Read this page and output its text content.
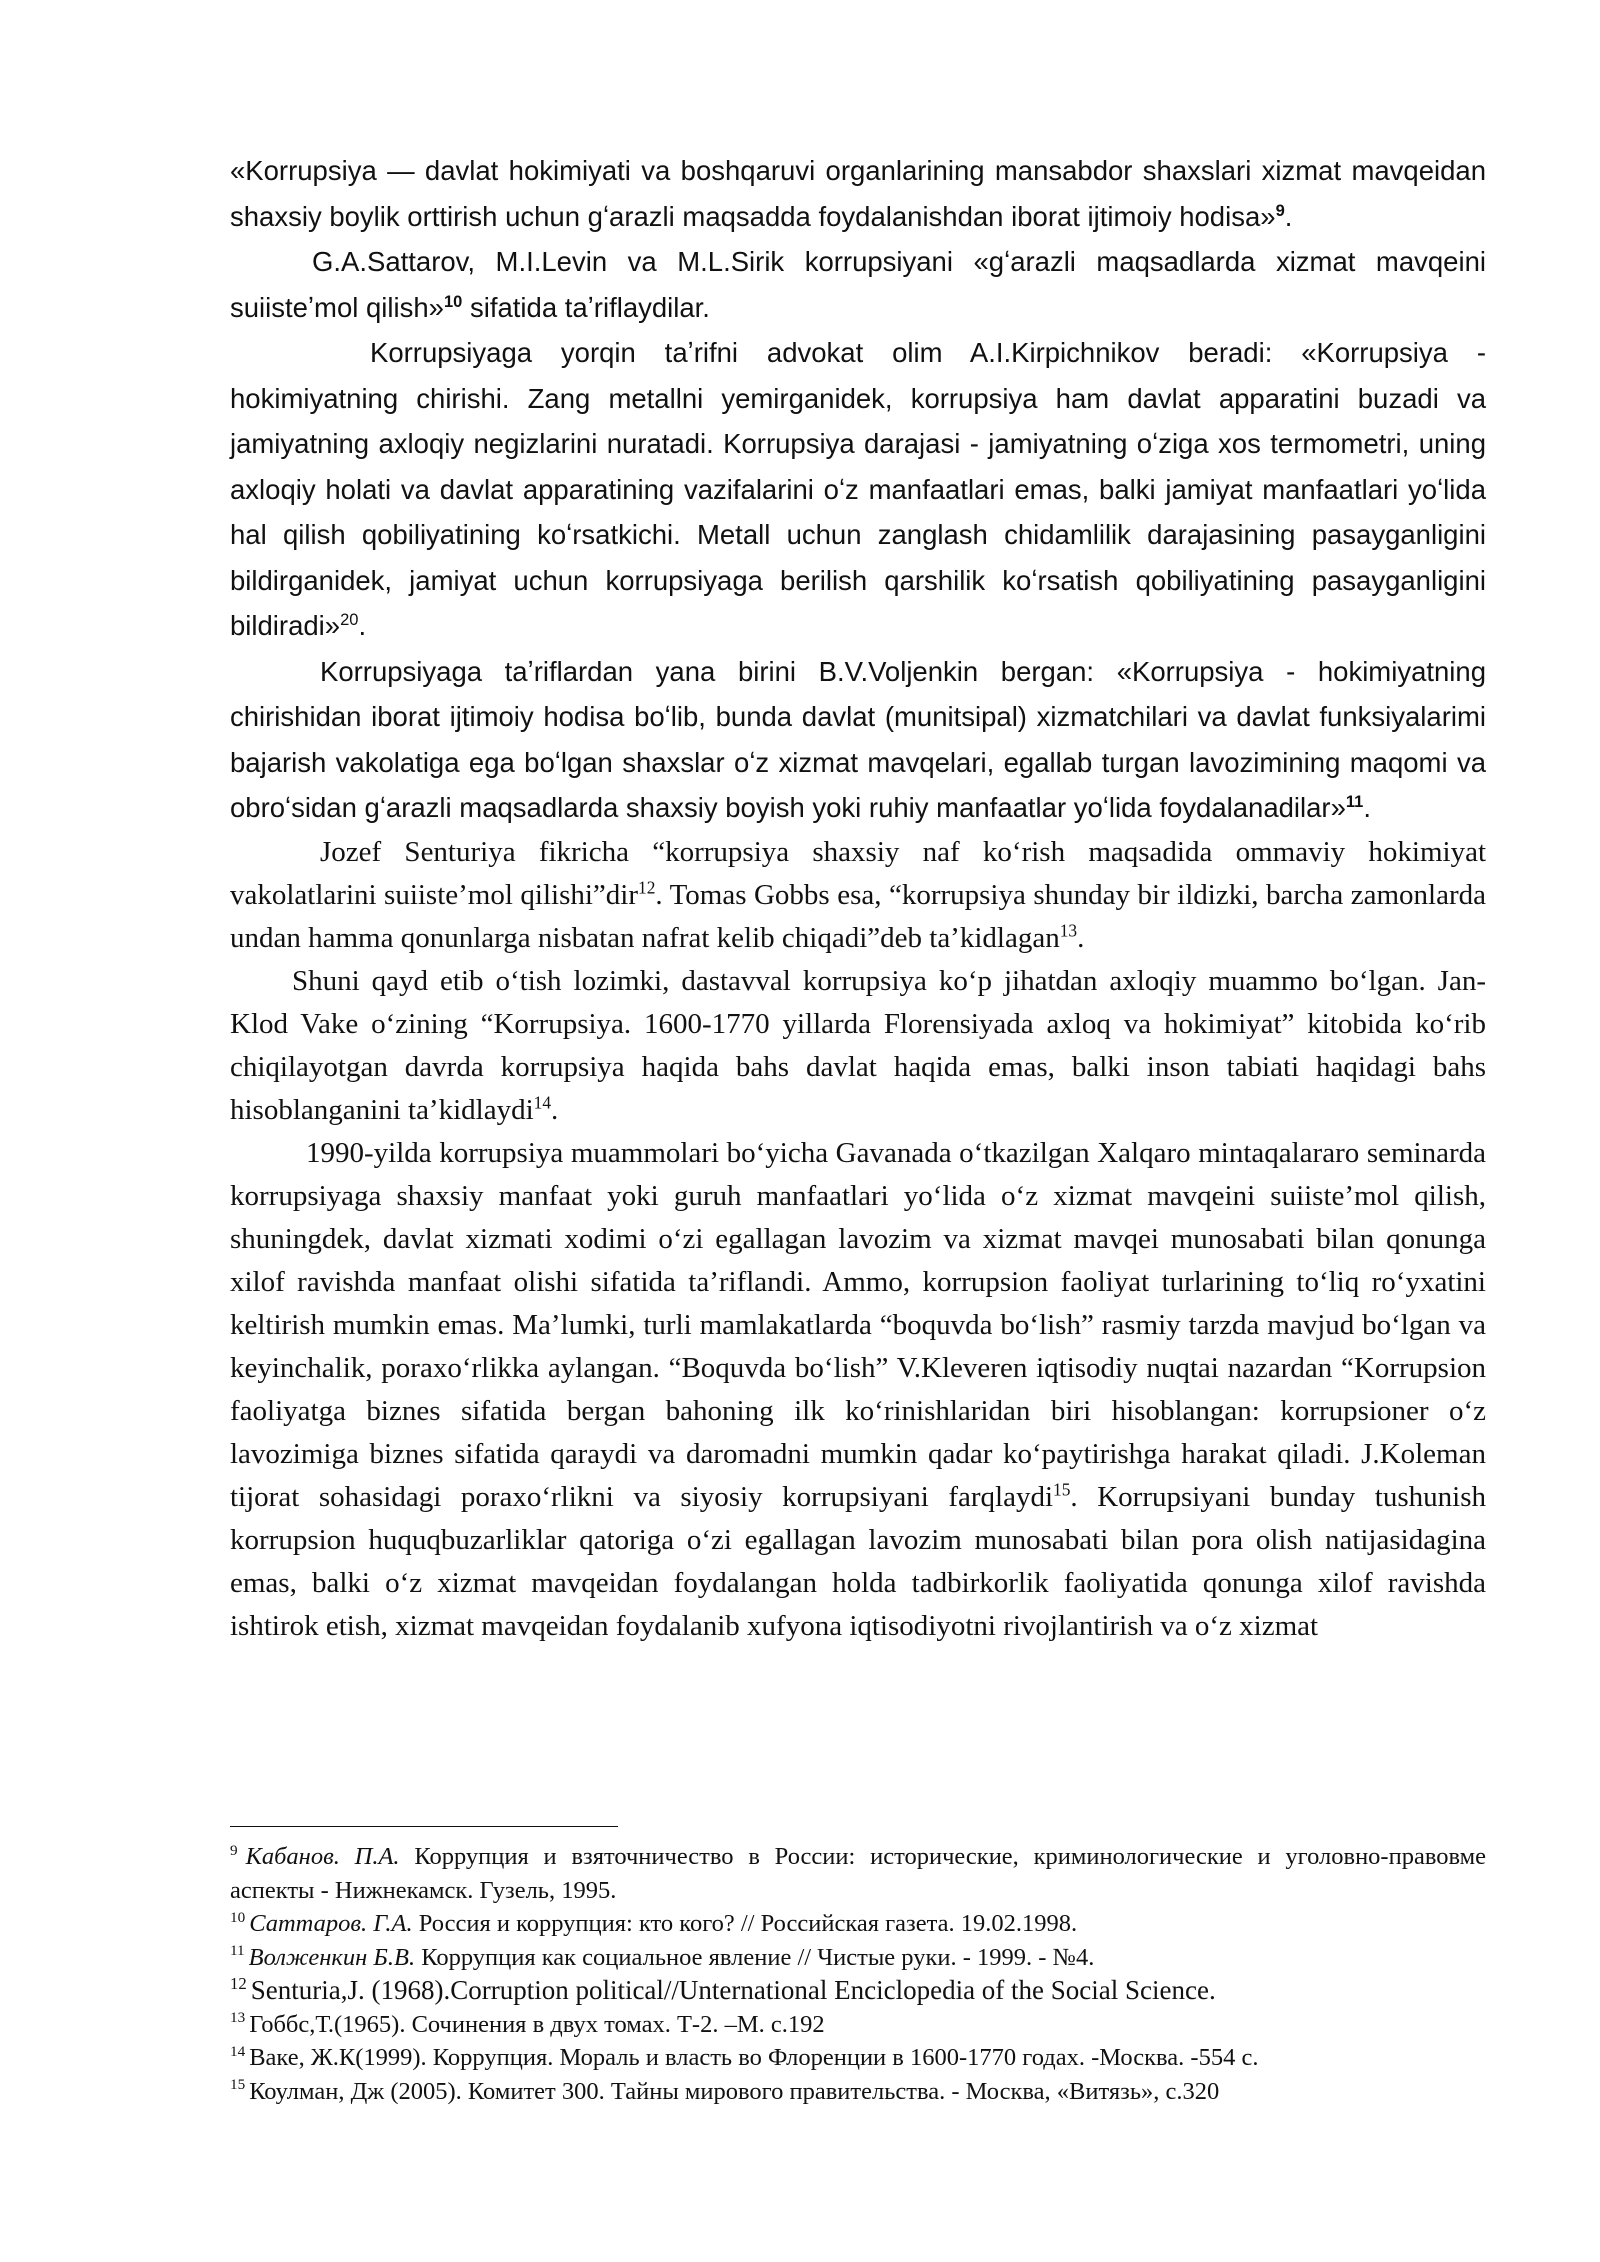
«Korrupsiya — davlat hokimiyati va boshqaruvi organlarining mansabdor shaxslari xizmat mavqeidan shaxsiy boylik orttirish uchun gʻarazli maqsadda foydalanishdan iborat ijtimoiy hodisa»$^9$.

G.A.Sattarov, M.I.Levin va M.L.Sirik korrupsiyani «gʻarazli maqsadlarda xizmat mavqeini suiisteʼmol qilish»$^{10}$ sifatida taʼriflaydilar.

Korrupsiyaga yorqin taʼrifni advokat olim A.I.Kirpichnikov beradi: «Korrupsiya - hokimiyatning chirishi. Zang metallni yemirganidek, korrupsiya ham davlat apparatini buzadi va jamiyatning axloqiy negizlarini nuratadi. Korrupsiya darajasi - jamiyatning oʻziga xos termometri, uning axloqiy holati va davlat apparatining vazifalarini oʻz manfaatlari emas, balki jamiyat manfaatlari yoʻlida hal qilish qobiliyatining koʻrsatkichi. Metall uchun zanglash chidamlilik darajasining pasayganligini bildirganidek, jamiyat uchun korrupsiyaga berilish qarshilik koʻrsatish qobiliyatining pasayganligini bildiradi»$^{20}$.

Korrupsiyaga taʼriflardan yana birini B.V.Voljenkin bergan: «Korrupsiya - hokimiyatning chirishidan iborat ijtimoiy hodisa boʻlib, bunda davlat (munitsipal) xizmatchilari va davlat funksiyalarimi bajarish vakolatiga ega boʻlgan shaxslar oʻz xizmat mavqelari, egallab turgan lavozimining maqomi va obroʻsidan gʻarazli maqsadlarda shaxsiy boyish yoki ruhiy manfaatlar yoʻlida foydalanadilar»$^{11}$.

Jozef Senturiya fikricha “korrupsiya shaxsiy naf koʻrish maqsadida ommaviy hokimiyat vakolatlarini suiisteʼmol qilishi”dir$^{12}$. Tomas Gobbs esa, “korrupsiya shunday bir ildizki, barcha zamonlarda undan hamma qonunlarga nisbatan nafrat kelib chiqadi”deb taʼkidlagan$^{13}$.

Shuni qayd etib oʻtish lozimki, dastavval korrupsiya koʻp jihatdan axloqiy muammo boʻlgan. Jan-Klod Vake oʻzining “Korrupsiya. 1600-1770 yillarda Florensiyada axloq va hokimiyat” kitobida koʻrib chiqilayotgan davrda korrupsiya haqida bahs davlat haqida emas, balki inson tabiati haqidagi bahs hisoblanganini taʼkidlaydi$^{14}$.

1990-yilda korrupsiya muammolari boʻyicha Gavanada oʻtkazilgan Xalqaro mintaqalararo seminarda korrupsiyaga shaxsiy manfaat yoki guruh manfaatlari yoʻlida oʻz xizmat mavqeini suiisteʼmol qilish, shuningdek, davlat xizmati xodimi oʻzi egallagan lavozim va xizmat mavqei munosabati bilan qonunga xilof ravishda manfaat olishi sifatida taʼriflandi. Ammo, korrupsion faoliyat turlarining toʻliq roʻyxatini keltirish mumkin emas. Maʼlumki, turli mamlakatlarda “boquvda boʻlish” rasmiy tarzda mavjud boʻlgan va keyinchalik, poraxoʻrlikka aylangan. “Boquvda boʻlish” V.Kleveren iqtisodiy nuqtai nazardan “Korrupsion faoliyatga biznes sifatida bergan bahoning ilk koʻrinishlaridan biri hisoblangan: korrupsioner oʻz lavozimiga biznes sifatida qaraydi va daromadni mumkin qadar koʻpaytirishga harakat qiladi. J.Koleman tijorat sohasidagi poraxoʻrlikni va siyosiy korrupsiyani farqlaydi$^{15}$. Korrupsiyani bunday tushunish korrupsion huquqbuzarliklar qatoriga oʻzi egallagan lavozim munosabati bilan pora olish natijasidagina emas, balki oʻz xizmat mavqeidan foydalangan holda tadbirkorlik faoliyatida qonunga xilof ravishda ishtirok etish, xizmat mavqeidan foydalanib xufyona iqtisodiyotni rivojlantirish va oʻz xizmat

$^9$ Кабанов. П.А. Коррупция и взяточничество в России: исторические, криминологические и уголовно-правовме аспекты - Нижнекамск. Гузель, 1995.

$^{10}$ Саттаров. Г.А. Россия и коррупция: кто кого? // Российская газета. 19.02.1998.

$^{11}$ Волженкин Б.В. Коррупция как социальное явление // Чистые руки. - 1999. - №4.

$^{12}$ Senturia,J. (1968).Corruption political//Unternational Enciclopedia of the Social Science.

$^{13}$ Гоббс,Т.(1965). Сочинения в двух томах. Т-2. –М. с.192

$^{14}$ Ваке, Ж.К(1999). Коррупция. Мораль и власть во Флоренции в 1600-1770 годах. -Москва. -554 с.

$^{15}$ Коулман, Дж (2005). Комитет 300. Тайны мирового правительства. - Москва, «Витязь», с.320
